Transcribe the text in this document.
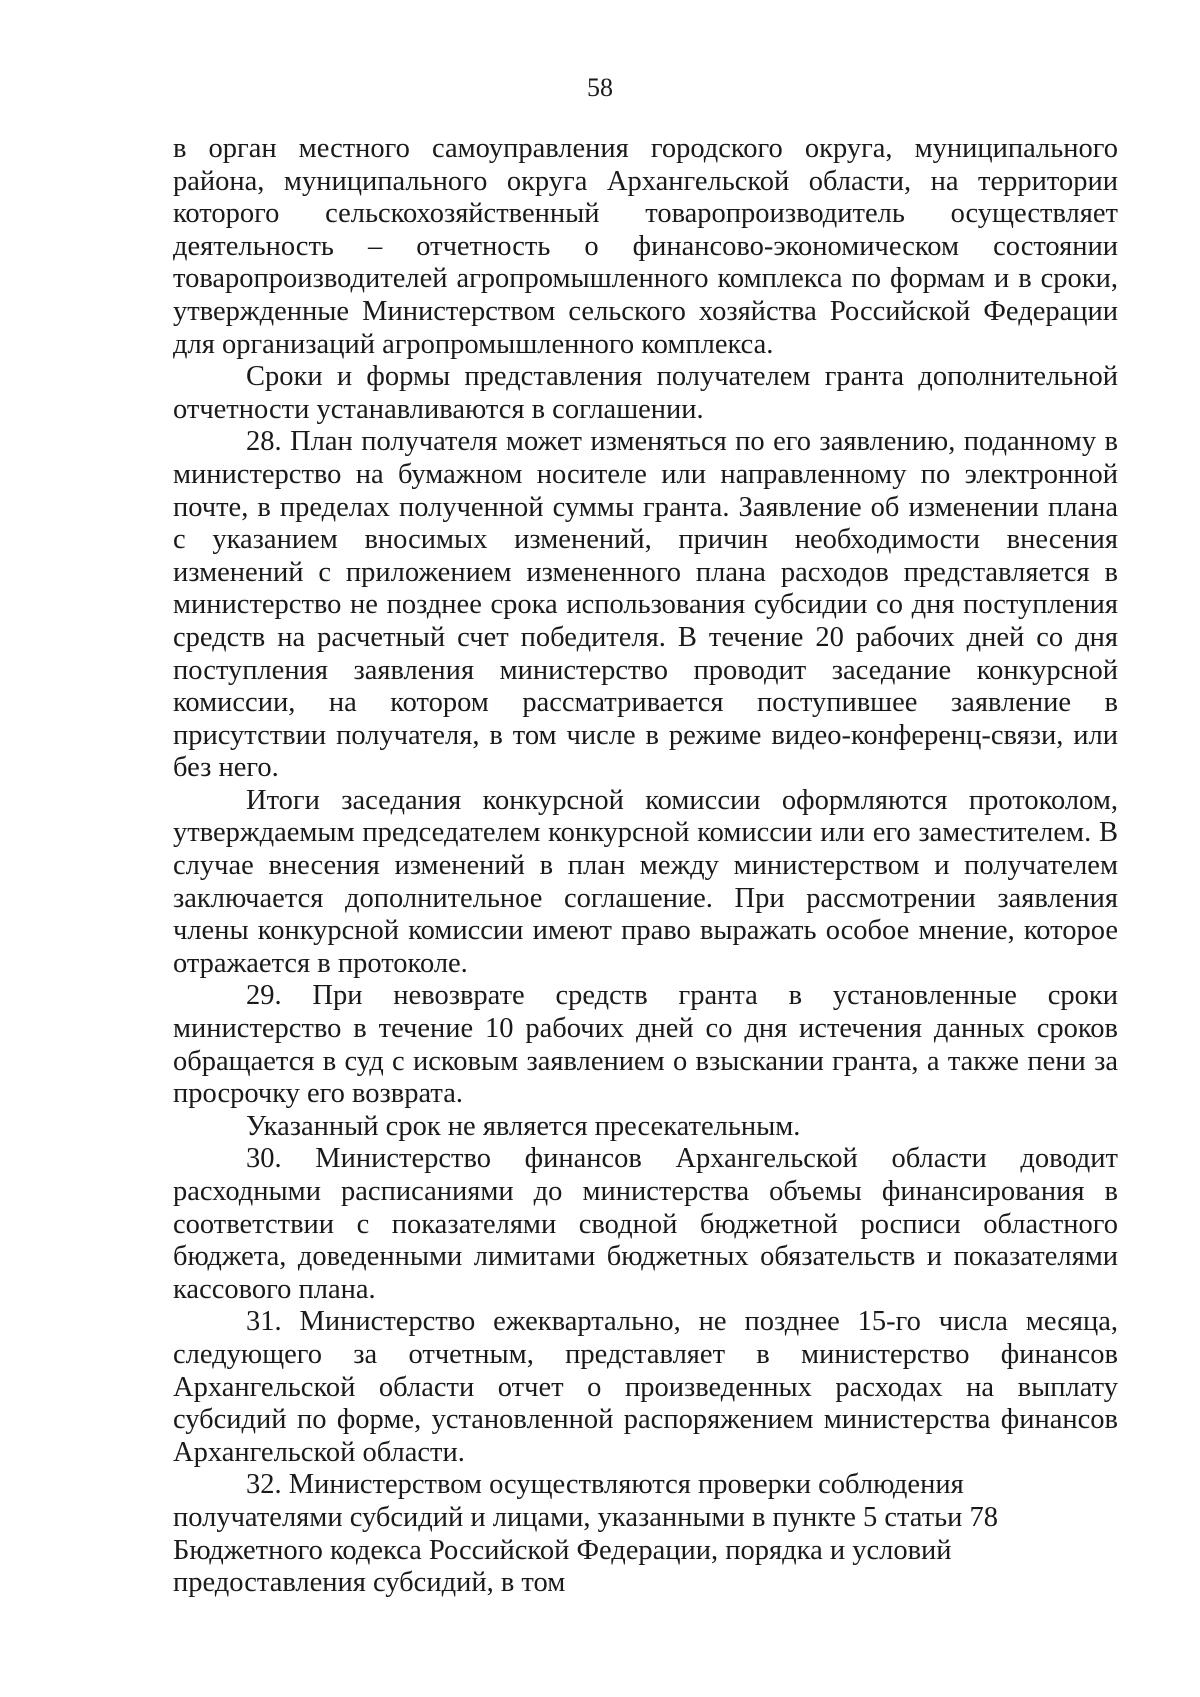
58

в орган местного самоуправления городского округа, муниципального района, муниципального округа Архангельской области, на территории которого сельскохозяйственный товаропроизводитель осуществляет деятельность – отчетность о финансово-экономическом состоянии товаропроизводителей агропромышленного комплекса по формам и в сроки, утвержденные Министерством сельского хозяйства Российской Федерации для организаций агропромышленного комплекса.

Сроки и формы представления получателем гранта дополнительной отчетности устанавливаются в соглашении.

28. План получателя может изменяться по его заявлению, поданному в министерство на бумажном носителе или направленному по электронной почте, в пределах полученной суммы гранта. Заявление об изменении плана с указанием вносимых изменений, причин необходимости внесения изменений с приложением измененного плана расходов представляется в министерство не позднее срока использования субсидии со дня поступления средств на расчетный счет победителя. В течение 20 рабочих дней со дня поступления заявления министерство проводит заседание конкурсной комиссии, на котором рассматривается поступившее заявление в присутствии получателя, в том числе в режиме видео-конференц-связи, или без него.

Итоги заседания конкурсной комиссии оформляются протоколом, утверждаемым председателем конкурсной комиссии или его заместителем. В случае внесения изменений в план между министерством и получателем заключается дополнительное соглашение. При рассмотрении заявления члены конкурсной комиссии имеют право выражать особое мнение, которое отражается в протоколе.

29. При невозврате средств гранта в установленные сроки министерство в течение 10 рабочих дней со дня истечения данных сроков обращается в суд с исковым заявлением о взыскании гранта, а также пени за просрочку его возврата.

Указанный срок не является пресекательным.

30. Министерство финансов Архангельской области доводит расходными расписаниями до министерства объемы финансирования в соответствии с показателями сводной бюджетной росписи областного бюджета, доведенными лимитами бюджетных обязательств и показателями кассового плана.

31. Министерство ежеквартально, не позднее 15-го числа месяца, следующего за отчетным, представляет в министерство финансов Архангельской области отчет о произведенных расходах на выплату субсидий по форме, установленной распоряжением министерства финансов Архангельской области.

32. Министерством осуществляются проверки соблюдения получателями субсидий и лицами, указанными в пункте 5 статьи 78 Бюджетного кодекса Российской Федерации, порядка и условий предоставления субсидий, в том
